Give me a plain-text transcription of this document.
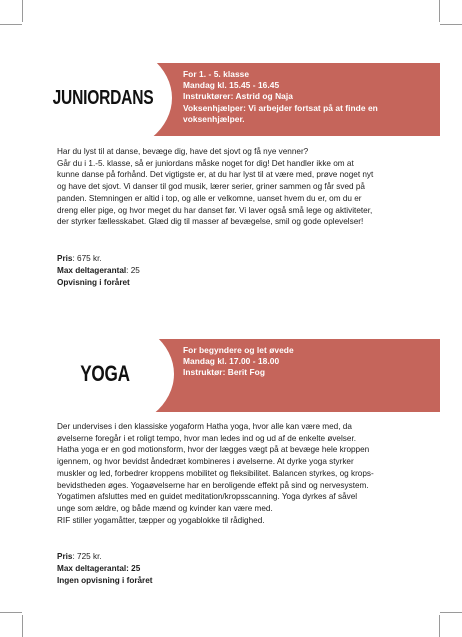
For 1. - 5. klasse
Mandag kl. 15.45 - 16.45
Instruktører: Astrid og Naja
Voksenhjælper: Vi arbejder fortsat på at finde en
voksenhjælper.
JUNIORDANS

Har du lyst til at danse, bevæge dig, have det sjovt og få nye venner?

Går du i 1.-5. klasse, så er juniordans måske noget for dig! Det handler ikke om at

kunne danse på forhånd. Det vigtigste er, at du har lyst til at være med, prøve noget nyt

og have det sjovt. Vi danser til god musik, lærer serier, griner sammen og får sved på

panden. Stemningen er altid i top, og alle er velkomne, uanset hvem du er, om du er

dreng eller pige, og hvor meget du har danset før. Vi laver også små lege og aktiviteter,

der styrker fællesskabet. Glæd dig til masser af bevægelse, smil og gode oplevelser!

Pris: 675 kr.
Max deltagerantal: 25
Opvisning i foråret
For begyndere og let øvede
Mandag kl. 17.00 - 18.00
Instruktør: Berit Fog
YOGA

Der undervises i den klassiske yogaform Hatha yoga, hvor alle kan være med, da

øvelserne foregår i et roligt tempo, hvor man ledes ind og ud af de enkelte øvelser.

Hatha yoga er en god motionsform, hvor der lægges vægt på at bevæge hele kroppen

igennem, og hvor bevidst åndedræt kombineres i øvelserne. At dyrke yoga styrker

muskler og led, forbedrer kroppens mobilitet og fleksibilitet. Balancen styrkes, og krops-

bevidstheden øges. Yogaøvelserne har en beroligende effekt på sind og nervesystem.

Yogatimen afsluttes med en guidet meditation/kropsscanning. Yoga dyrkes af såvel

unge som ældre, og både mænd og kvinder kan være med.

RIF stiller yogamåtter, tæpper og yogablokke til rådighed.

Pris: 725 kr.
Max deltagerantal: 25
Ingen opvisning i foråret
